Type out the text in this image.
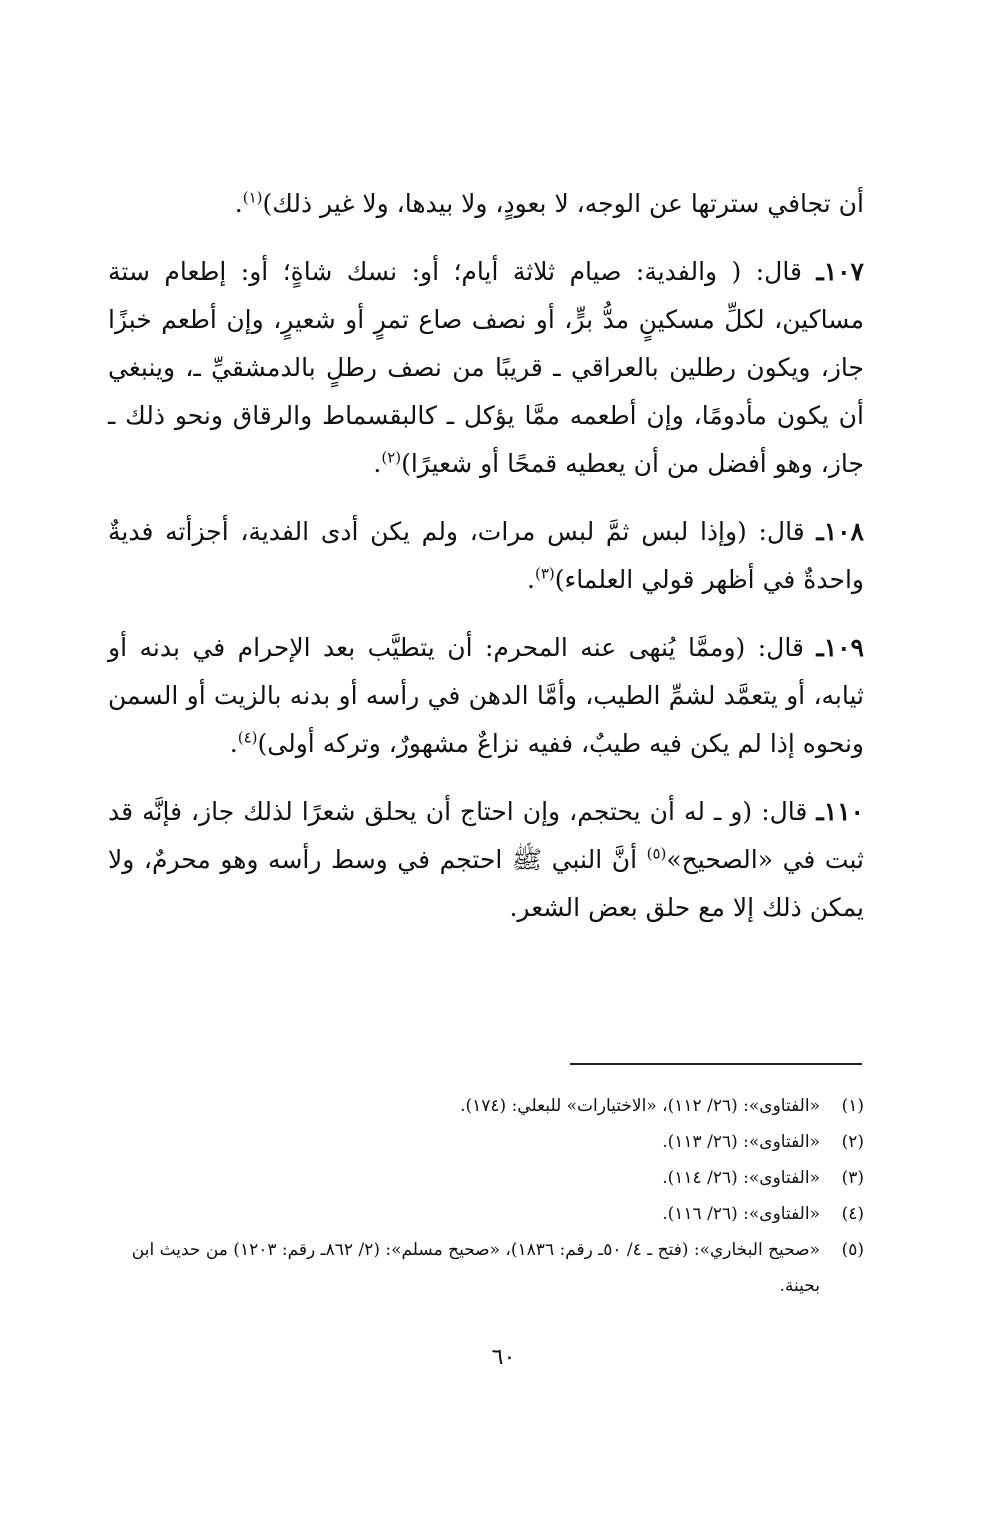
أن تجافي سترتها عن الوجه، لا بعودٍ، ولا بيدها، ولا غير ذلك)$^{(١)}$.

١٠٧ـ قال: ( والفدية: صيام ثلاثة أيام؛ أو: نسك شاةٍ؛ أو: إطعام ستة مساكين، لكلِّ مسكينٍ مدُّ برٍّ، أو نصف صاع تمرٍ أو شعيرٍ، وإن أطعم خبزًا جاز، ويكون رطلين بالعراقي ـ قريبًا من نصف رطلٍ بالدمشقيِّ ـ، وينبغي أن يكون مأدومًا، وإن أطعمه ممَّا يؤكل ـ كالبقسماط والرقاق ونحو ذلك ـ جاز، وهو أفضل من أن يعطيه قمحًا أو شعيرًا)$^{(٢)}$.

١٠٨ـ قال: (وإذا لبس ثمَّ لبس مرات، ولم يكن أدى الفدية، أجزأته فديةٌ واحدةٌ في أظهر قولي العلماء)$^{(٣)}$.

١٠٩ـ قال: (وممَّا يُنهى عنه المحرم: أن يتطيَّب بعد الإحرام في بدنه أو ثيابه، أو يتعمَّد لشمِّ الطيب، وأمَّا الدهن في رأسه أو بدنه بالزيت أو السمن ونحوه إذا لم يكن فيه طيبٌ، ففيه نزاعٌ مشهورٌ، وتركه أولى)$^{(٤)}$.

١١٠ـ قال: (و ـ له أن يحتجم، وإن احتاج أن يحلق شعرًا لذلك جاز، فإنَّه قد ثبت في «الصحيح»$^{(٥)}$ أنَّ النبي ﷺ احتجم في وسط رأسه وهو محرمٌ، ولا يمكن ذلك إلا مع حلق بعض الشعر.

(١)
«الفتاوى»: (٢٦/ ١١٢)، «الاختيارات» للبعلي: (١٧٤).
(٢)
«الفتاوى»: (٢٦/ ١١٣).
(٣)
«الفتاوى»: (٢٦/ ١١٤).
(٤)
«الفتاوى»: (٢٦/ ١١٦).
(٥)
«صحيح البخاري»: (فتح ـ ٤/ ٥٠ـ رقم: ١٨٣٦)، «صحيح مسلم»: (٢/ ٨٦٢ـ رقم: ١٢٠٣) من حديث ابن بحينة.
٦٠
